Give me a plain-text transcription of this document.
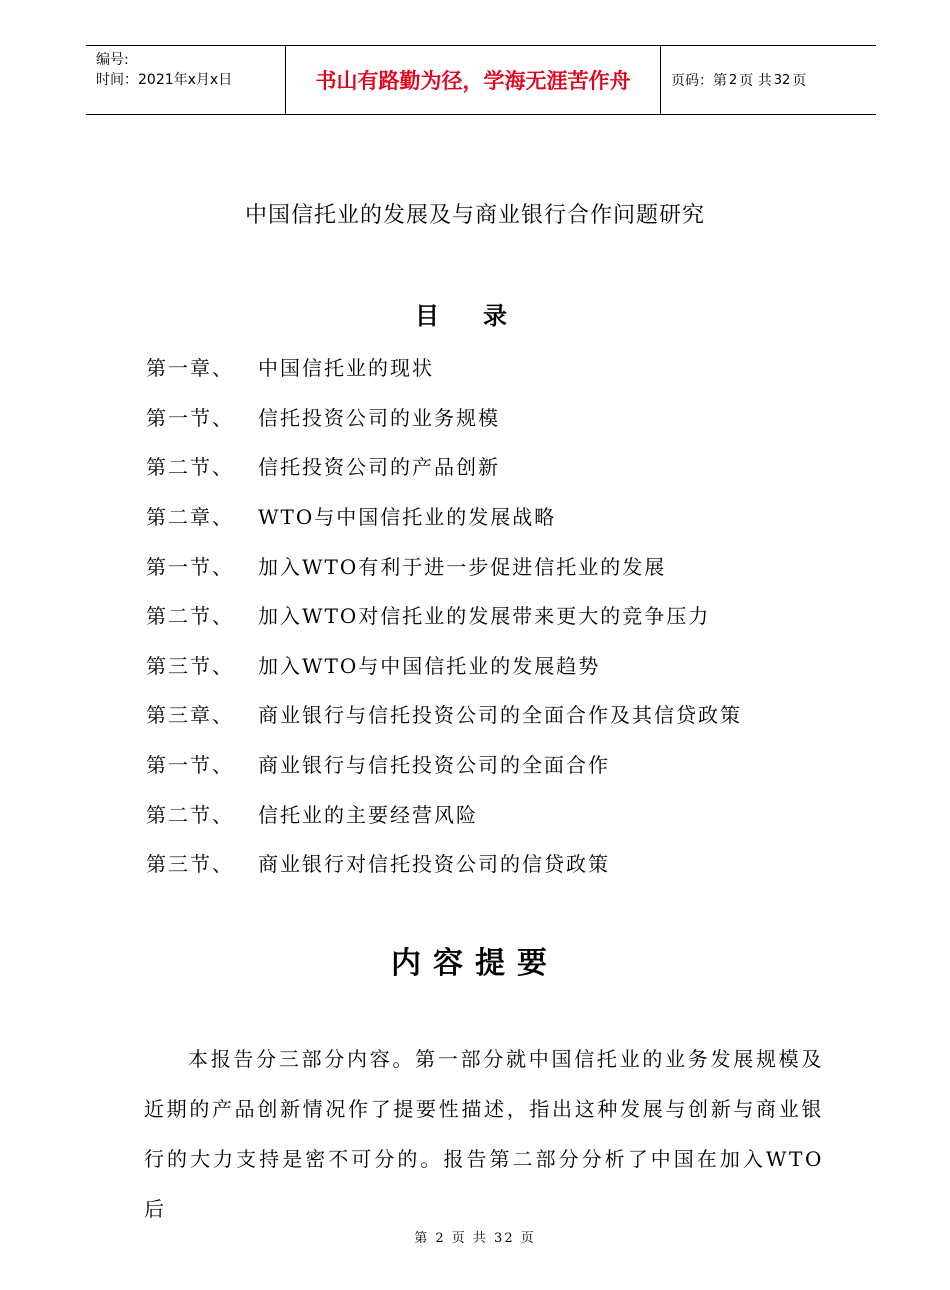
编号:
时间：2021年x月x日	书山有路勤为径，学海无涯苦作舟	页码：第 2 页 共 32 页
中国信托业的发展及与商业银行合作问题研究
目录
第一章、	中国信托业的现状
第一节、	信托投资公司的业务规模
第二节、	信托投资公司的产品创新
第二章、	WTO与中国信托业的发展战略
第一节、	加入WTO有利于进一步促进信托业的发展
第二节、	加入WTO对信托业的发展带来更大的竞争压力
第三节、	加入WTO与中国信托业的发展趋势
第三章、	商业银行与信托投资公司的全面合作及其信贷政策
第一节、	商业银行与信托投资公司的全面合作
第二节、	信托业的主要经营风险
第三节、	商业银行对信托投资公司的信贷政策
内容提要
本报告分三部分内容。第一部分就中国信托业的业务发展规模及近期的产品创新情况作了提要性描述，指出这种发展与创新与商业银行的大力支持是密不可分的。报告第二部分分析了中国在加入WTO后
第 2 页 共 32 页
